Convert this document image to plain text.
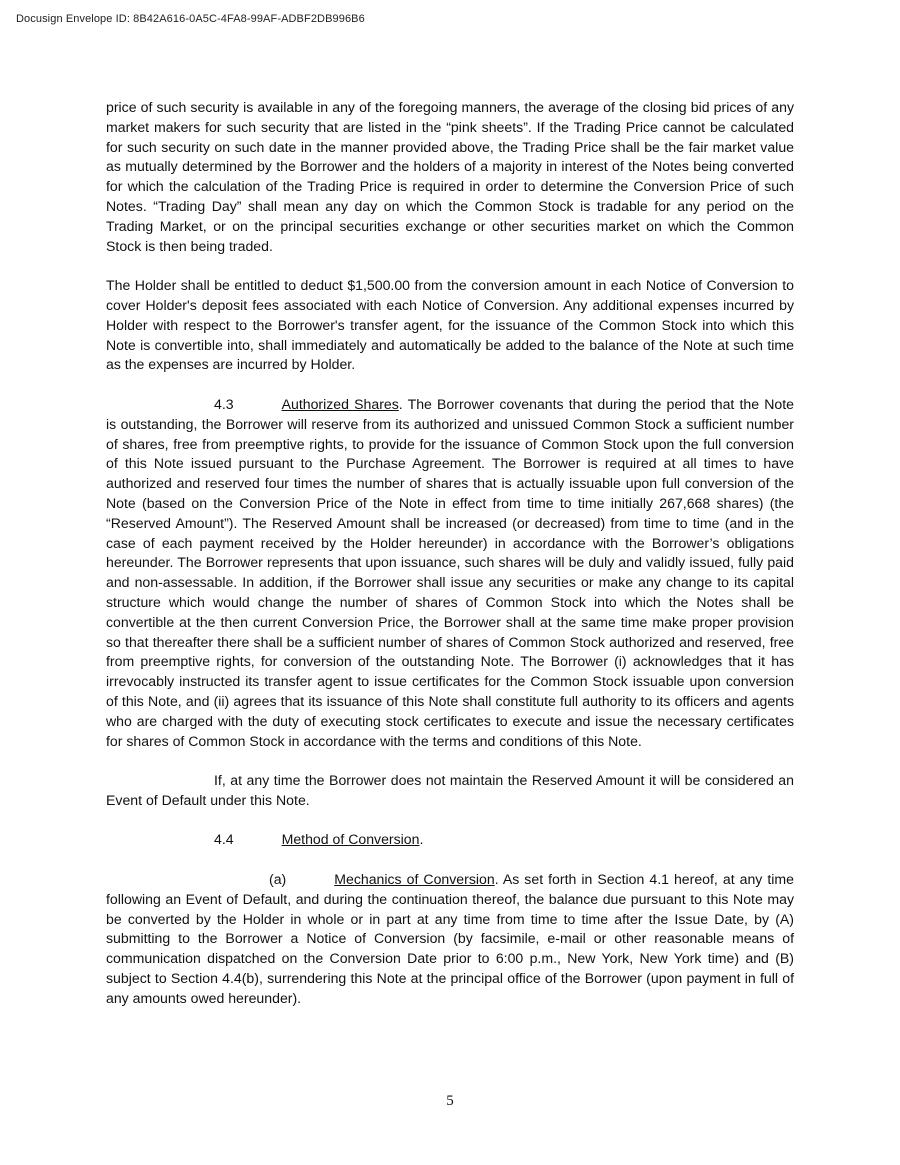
Docusign Envelope ID: 8B42A616-0A5C-4FA8-99AF-ADBF2DB996B6

price of such security is available in any of the foregoing manners, the average of the closing bid prices of any market makers for such security that are listed in the “pink sheets”. If the Trading Price cannot be calculated for such security on such date in the manner provided above, the Trading Price shall be the fair market value as mutually determined by the Borrower and the holders of a majority in interest of the Notes being converted for which the calculation of the Trading Price is required in order to determine the Conversion Price of such Notes. “Trading Day” shall mean any day on which the Common Stock is tradable for any period on the Trading Market, or on the principal securities exchange or other securities market on which the Common Stock is then being traded.

The Holder shall be entitled to deduct $1,500.00 from the conversion amount in each Notice of Conversion to cover Holder's deposit fees associated with each Notice of Conversion. Any additional expenses incurred by Holder with respect to the Borrower's transfer agent, for the issuance of the Common Stock into which this Note is convertible into, shall immediately and automatically be added to the balance of the Note at such time as the expenses are incurred by Holder.

4.3	Authorized Shares. The Borrower covenants that during the period that the Note is outstanding, the Borrower will reserve from its authorized and unissued Common Stock a sufficient number of shares, free from preemptive rights, to provide for the issuance of Common Stock upon the full conversion of this Note issued pursuant to the Purchase Agreement. The Borrower is required at all times to have authorized and reserved four times the number of shares that is actually issuable upon full conversion of the Note (based on the Conversion Price of the Note in effect from time to time initially 267,668 shares) (the “Reserved Amount”). The Reserved Amount shall be increased (or decreased) from time to time (and in the case of each payment received by the Holder hereunder) in accordance with the Borrower’s obligations hereunder. The Borrower represents that upon issuance, such shares will be duly and validly issued, fully paid and non-assessable. In addition, if the Borrower shall issue any securities or make any change to its capital structure which would change the number of shares of Common Stock into which the Notes shall be convertible at the then current Conversion Price, the Borrower shall at the same time make proper provision so that thereafter there shall be a sufficient number of shares of Common Stock authorized and reserved, free from preemptive rights, for conversion of the outstanding Note. The Borrower (i) acknowledges that it has irrevocably instructed its transfer agent to issue certificates for the Common Stock issuable upon conversion of this Note, and (ii) agrees that its issuance of this Note shall constitute full authority to its officers and agents who are charged with the duty of executing stock certificates to execute and issue the necessary certificates for shares of Common Stock in accordance with the terms and conditions of this Note.

If, at any time the Borrower does not maintain the Reserved Amount it will be considered an Event of Default under this Note.

4.4	Method of Conversion.

(a)	Mechanics of Conversion. As set forth in Section 4.1 hereof, at any time following an Event of Default, and during the continuation thereof, the balance due pursuant to this Note may be converted by the Holder in whole or in part at any time from time to time after the Issue Date, by (A) submitting to the Borrower a Notice of Conversion (by facsimile, e-mail or other reasonable means of communication dispatched on the Conversion Date prior to 6:00 p.m., New York, New York time) and (B) subject to Section 4.4(b), surrendering this Note at the principal office of the Borrower (upon payment in full of any amounts owed hereunder).

5
